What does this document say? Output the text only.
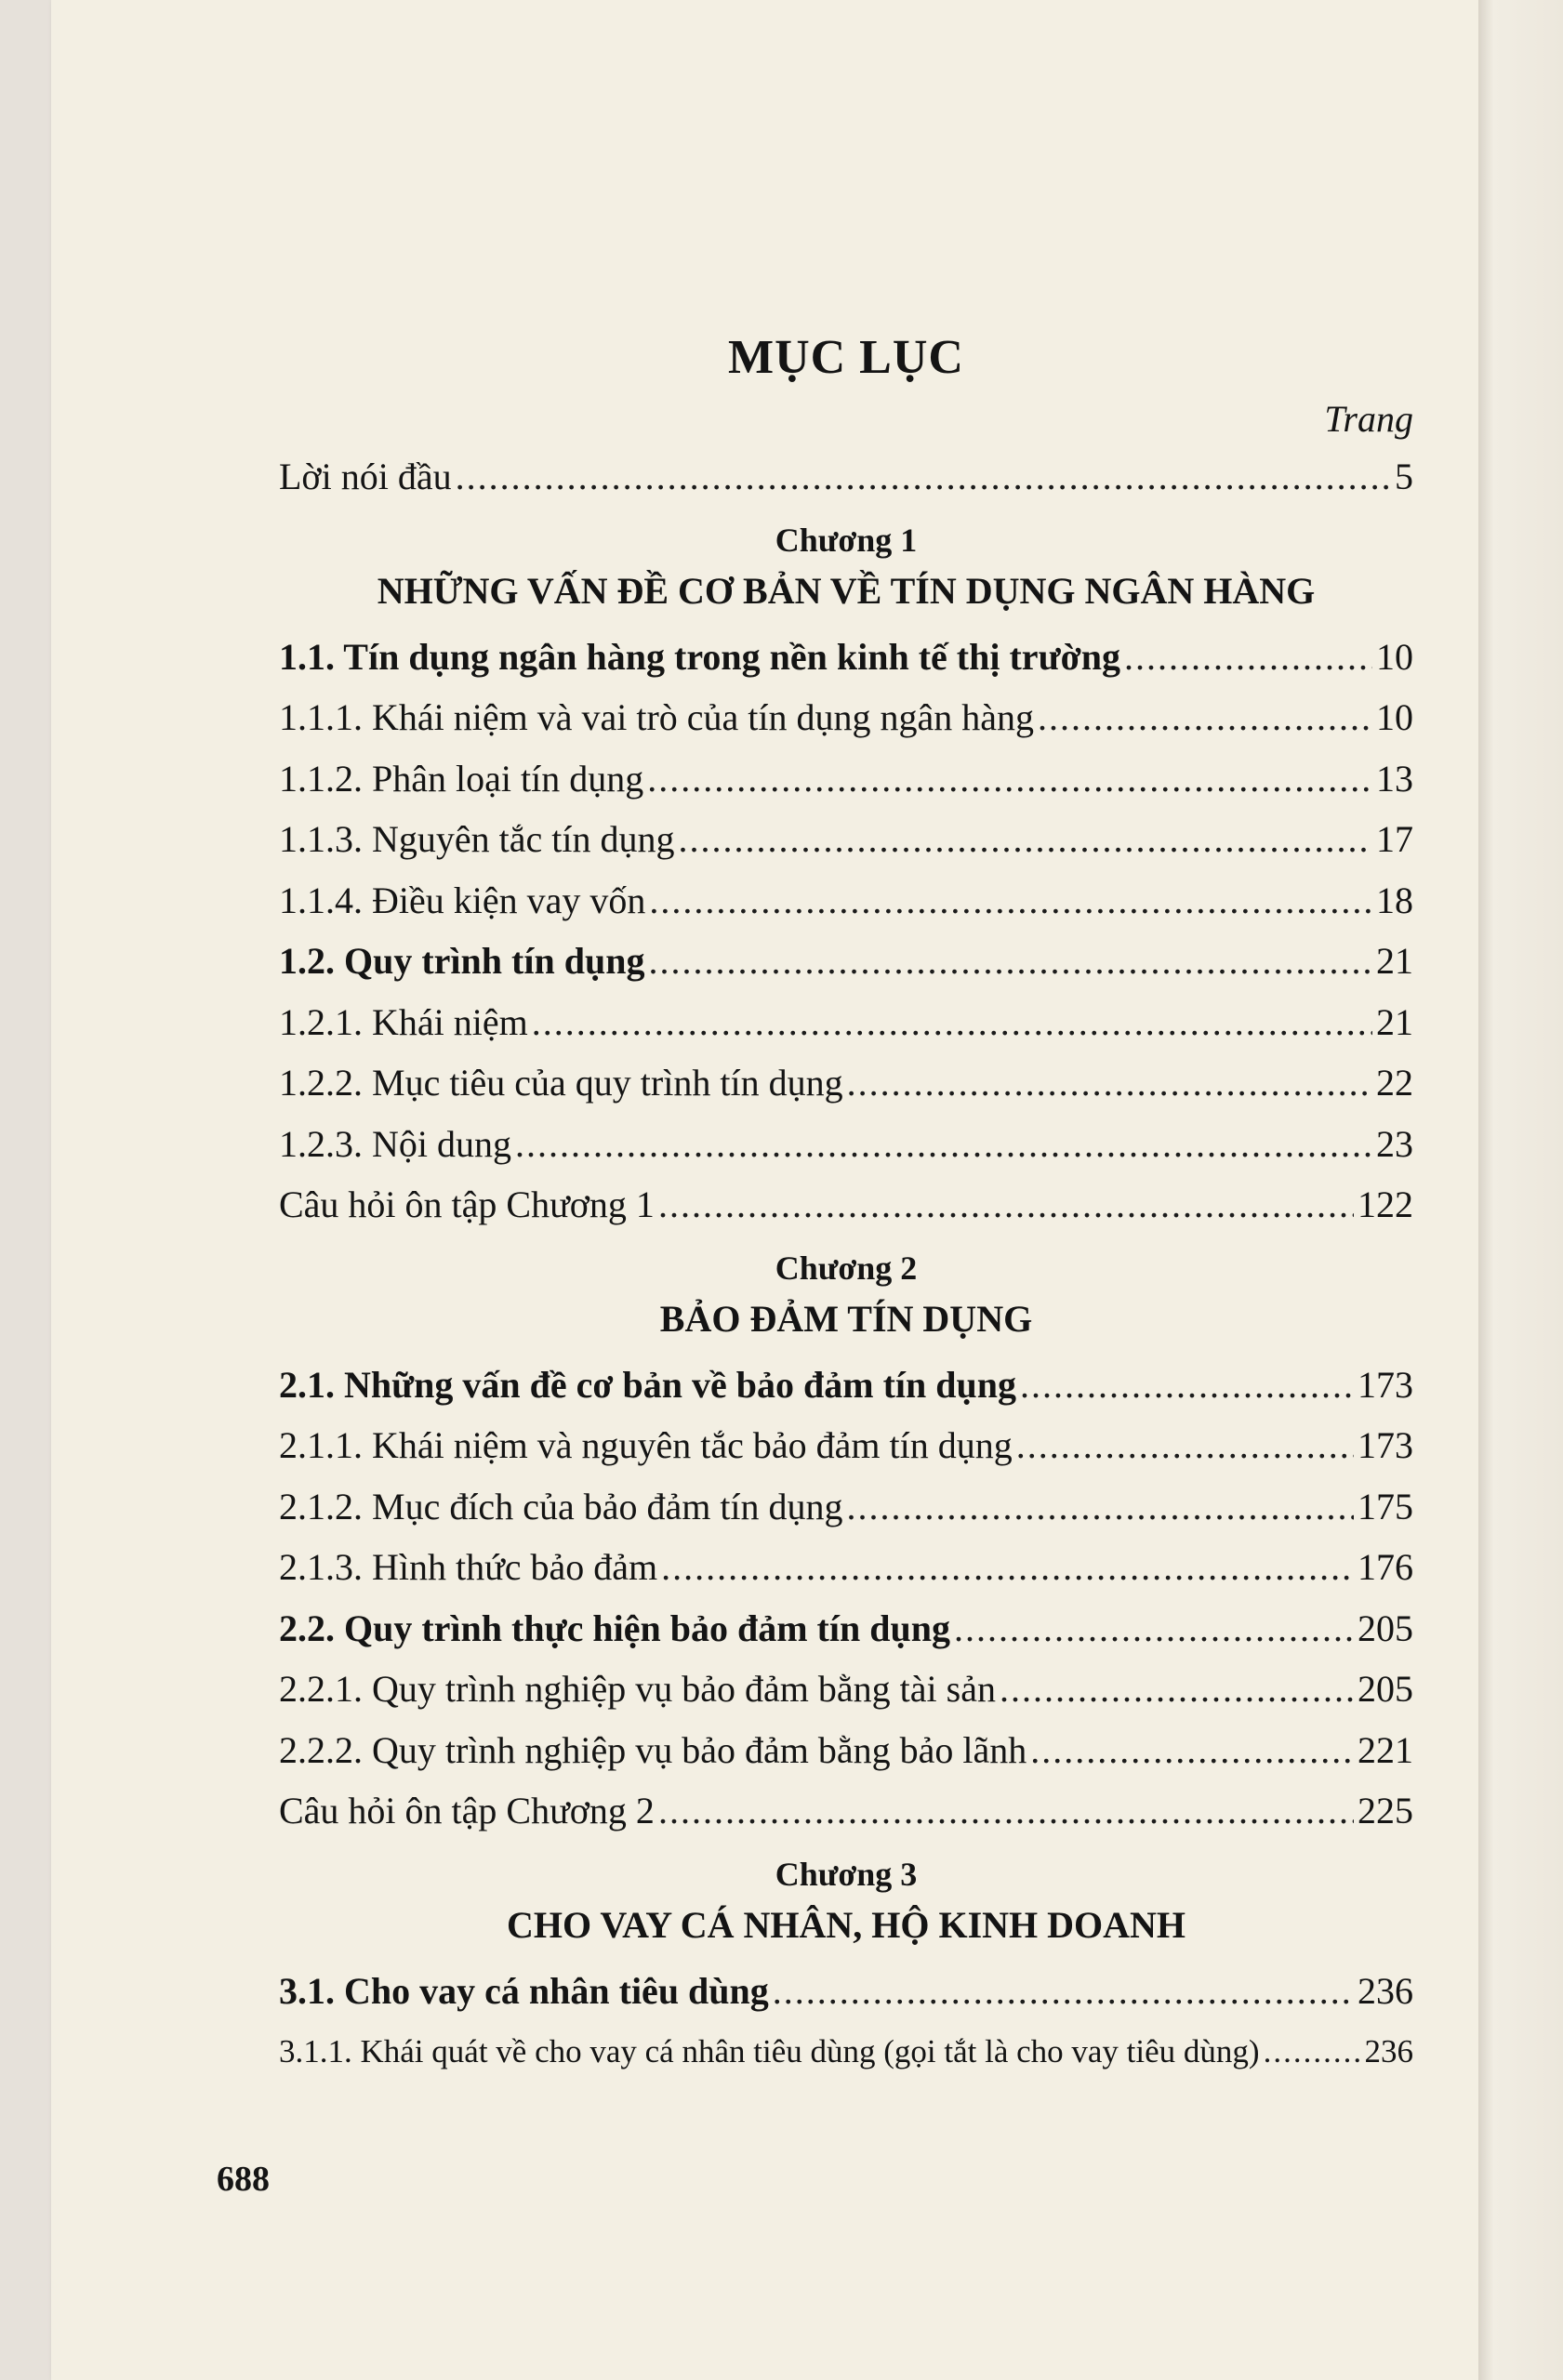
MỤC LỤC
Trang
Lời nói đầu .....	5
Chương 1
NHỮNG VẤN ĐỀ CƠ BẢN VỀ TÍN DỤNG NGÂN HÀNG
1.1. Tín dụng ngân hàng trong nền kinh tế thị trường .....	10
1.1.1. Khái niệm và vai trò của tín dụng ngân hàng .....	10
1.1.2. Phân loại tín dụng .....	13
1.1.3. Nguyên tắc tín dụng .....	17
1.1.4. Điều kiện vay vốn .....	18
1.2. Quy trình tín dụng .....	21
1.2.1. Khái niệm .....	21
1.2.2. Mục tiêu của quy trình tín dụng .....	22
1.2.3. Nội dung .....	23
Câu hỏi ôn tập Chương 1 .....	122
Chương 2
BẢO ĐẢM TÍN DỤNG
2.1. Những vấn đề cơ bản về bảo đảm tín dụng .....	173
2.1.1. Khái niệm và nguyên tắc bảo đảm tín dụng .....	173
2.1.2. Mục đích của bảo đảm tín dụng .....	175
2.1.3. Hình thức bảo đảm .....	176
2.2. Quy trình thực hiện bảo đảm tín dụng .....	205
2.2.1. Quy trình nghiệp vụ bảo đảm bằng tài sản .....	205
2.2.2. Quy trình nghiệp vụ bảo đảm bằng bảo lãnh .....	221
Câu hỏi ôn tập Chương 2 .....	225
Chương 3
CHO VAY CÁ NHÂN, HỘ KINH DOANH
3.1. Cho vay cá nhân tiêu dùng .....	236
3.1.1. Khái quát về cho vay cá nhân tiêu dùng (gọi tắt là cho vay tiêu dùng) .....	236
688
